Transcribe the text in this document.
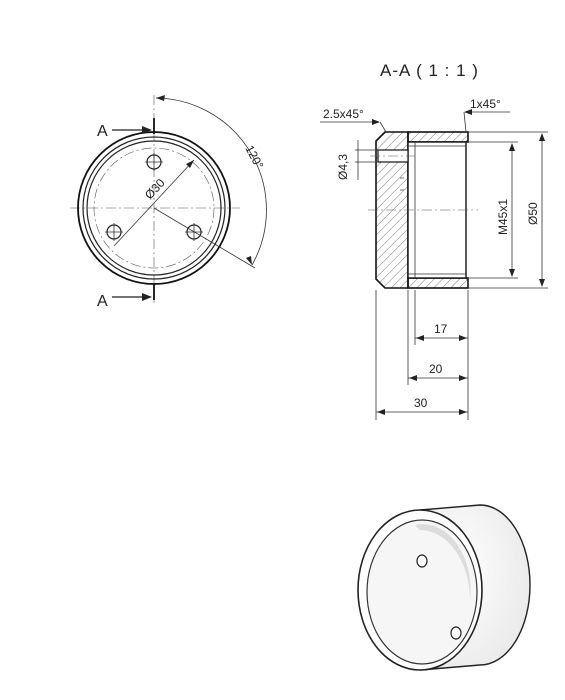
Ø30
120°
A
A
A-A ( 1 : 1 )
2.5x45°
1x45°
Ø4,3
M45x1 Ø50
17
20
30
